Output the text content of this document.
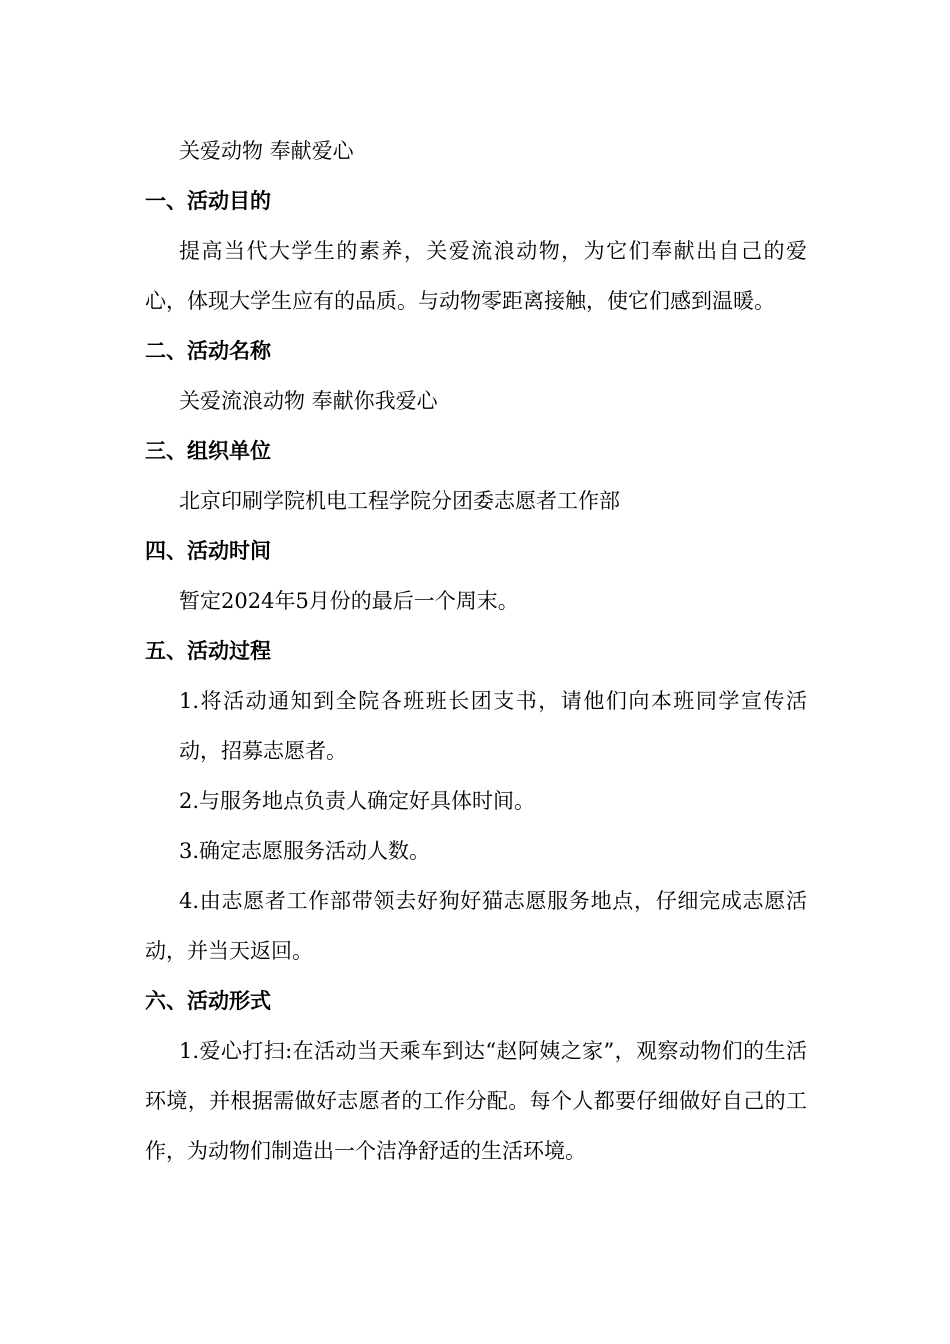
关爱动物 奉献爱心
一、活动目的
提高当代大学生的素养，关爱流浪动物，为它们奉献出自己的爱心，体现大学生应有的品质。与动物零距离接触，使它们感到温暖。
二、活动名称
关爱流浪动物 奉献你我爱心
三、组织单位
北京印刷学院机电工程学院分团委志愿者工作部
四、活动时间
暂定2024年5月份的最后一个周末。
五、活动过程
1.将活动通知到全院各班班长团支书，请他们向本班同学宣传活动，招募志愿者。
2.与服务地点负责人确定好具体时间。
3.确定志愿服务活动人数。
4.由志愿者工作部带领去好狗好猫志愿服务地点，仔细完成志愿活动，并当天返回。
六、活动形式
1.爱心打扫:在活动当天乘车到达“赵阿姨之家”，观察动物们的生活环境，并根据需做好志愿者的工作分配。每个人都要仔细做好自己的工作，为动物们制造出一个洁净舒适的生活环境。
